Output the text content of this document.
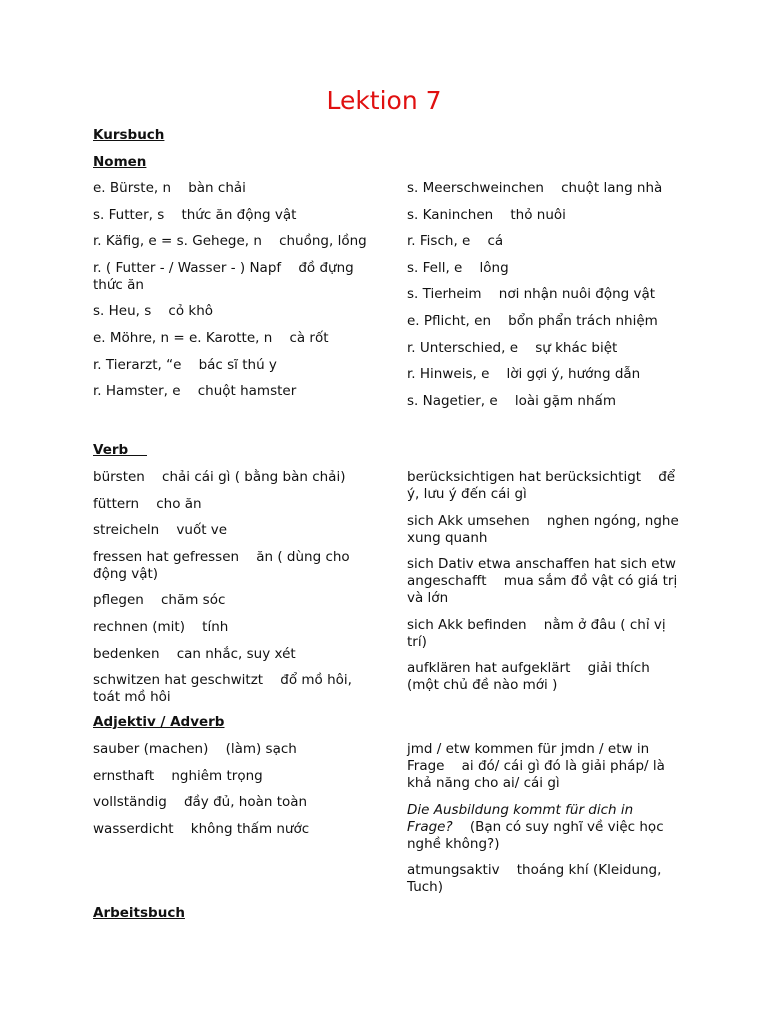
Lektion 7
Kursbuch
Nomen
e. Bürste, n bàn chải
s. Futter, s thức ăn động vật
r. Käfig, e = s. Gehege, n chuồng, lồng
r. ( Futter - / Wasser - ) Napf đồ đựng thức ăn
s. Heu, s cỏ khô
e. Möhre, n = e. Karotte, n cà rốt
r. Tierarzt, “e bác sĩ thú y
r. Hamster, e chuột hamster
s. Meerschweinchen chuột lang nhà
s. Kaninchen thỏ nuôi
r. Fisch, e cá
s. Fell, e lông
s. Tierheim nơi nhận nuôi động vật
e. Pflicht, en bổn phẩn trách nhiệm
r. Unterschied, e sự khác biệt
r. Hinweis, e lời gợi ý, hướng dẫn
s. Nagetier, e loài gặm nhấm
Verb
bürsten chải cái gì ( bằng bàn chải)
füttern cho ăn
streicheln vuốt ve
fressen hat gefressen ăn ( dùng cho động vật)
pflegen chăm sóc
rechnen (mit) tính
bedenken can nhắc, suy xét
schwitzen hat geschwitzt đổ mồ hôi, toát mồ hôi
berücksichtigen hat berücksichtigt để ý, lưu ý đến cái gì
sich Akk umsehen nghen ngóng, nghe xung quanh
sich Dativ etwa anschaffen hat sich etw angeschafft mua sắm đồ vật có giá trị và lớn
sich Akk befinden nằm ở đâu ( chỉ vị trí)
aufklären hat aufgeklärt giải thích (một chủ đề nào mới )
Adjektiv / Adverb
sauber (machen) (làm) sạch
ernsthaft nghiêm trọng
vollständig đầy đủ, hoàn toàn
wasserdicht không thấm nước
jmd / etw kommen für jmdn / etw in Frage ai đó/ cái gì đó là giải pháp/ là khả năng cho ai/ cái gì
Die Ausbildung kommt für dich in Frage? (Bạn có suy nghĩ về việc học nghề không?)
atmungsaktiv thoáng khí (Kleidung, Tuch)
Arbeitsbuch
